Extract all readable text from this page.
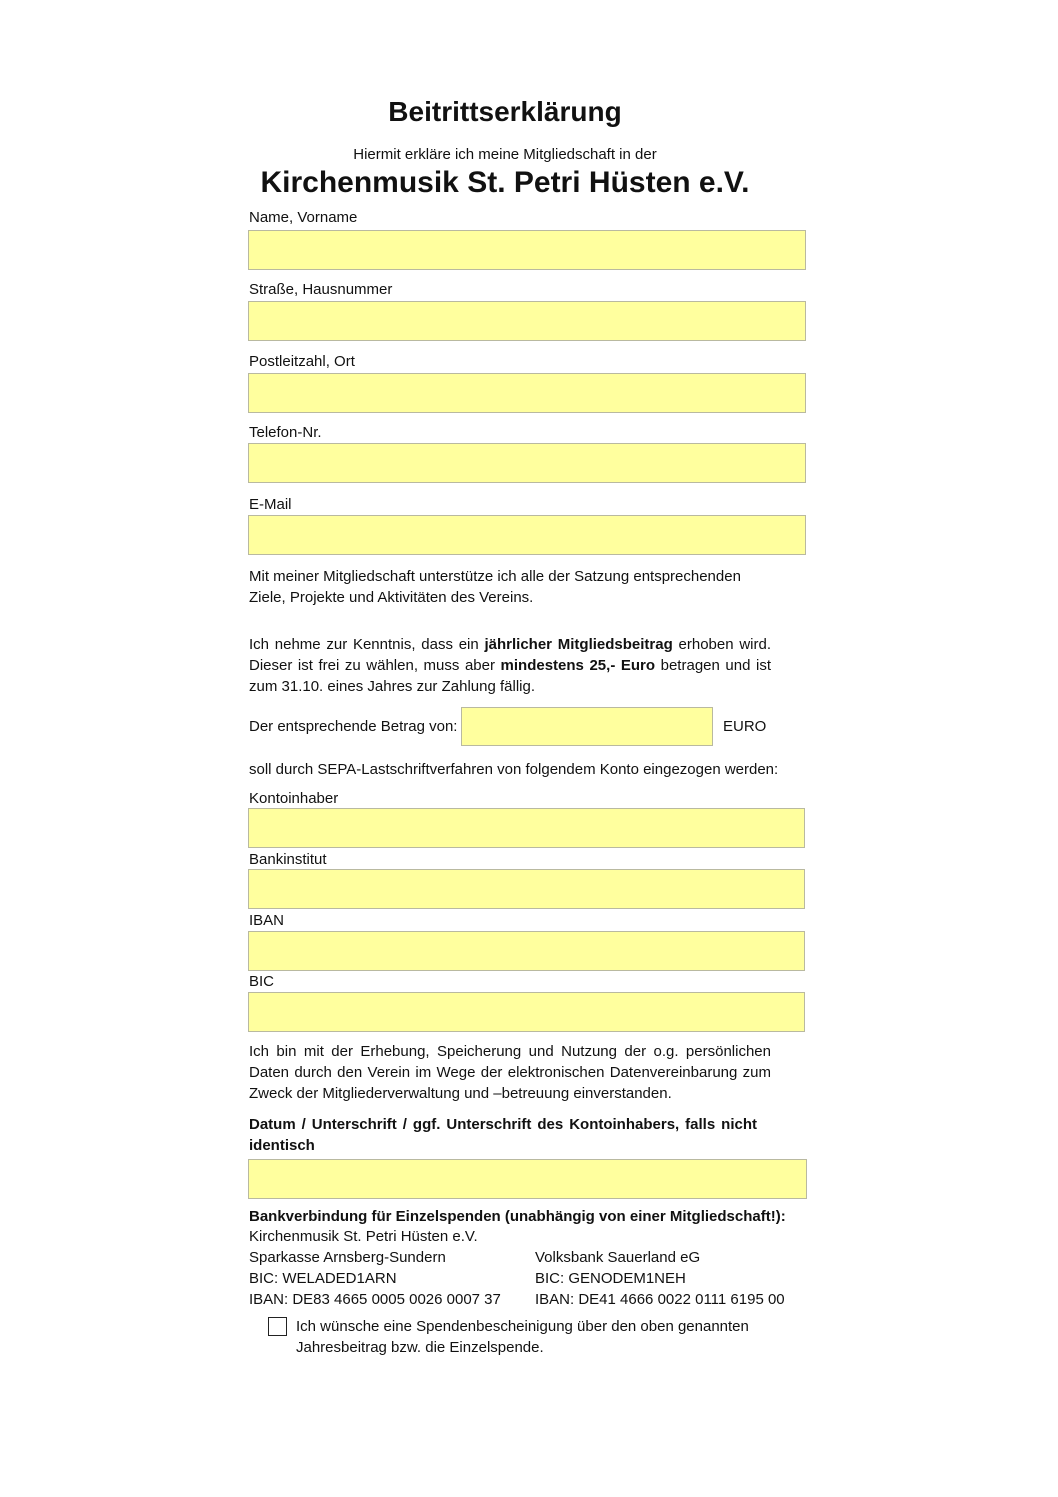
Beitrittserklärung
Hiermit erkläre ich meine Mitgliedschaft in der
Kirchenmusik St. Petri Hüsten e.V.
Name, Vorname
Straße, Hausnummer
Postleitzahl, Ort
Telefon-Nr.
E-Mail
Mit meiner Mitgliedschaft unterstütze ich alle der Satzung entsprechenden Ziele, Projekte und Aktivitäten des Vereins.
Ich nehme zur Kenntnis, dass ein jährlicher Mitgliedsbeitrag erhoben wird. Dieser ist frei zu wählen, muss aber mindestens 25,- Euro betragen und ist zum 31.10. eines Jahres zur Zahlung fällig.
Der entsprechende Betrag von:	EURO
soll durch SEPA-Lastschriftverfahren von folgendem Konto eingezogen werden:
Kontoinhaber
Bankinstitut
IBAN
BIC
Ich bin mit der Erhebung, Speicherung und Nutzung der o.g. persönlichen Daten durch den Verein im Wege der elektronischen Datenvereinbarung zum Zweck der Mitgliederverwaltung und –betreuung einverstanden.
Datum / Unterschrift / ggf. Unterschrift des Kontoinhabers, falls nicht identisch
Bankverbindung für Einzelspenden (unabhängig von einer Mitgliedschaft!):
Kirchenmusik St. Petri Hüsten e.V.
Sparkasse Arnsberg-Sundern
BIC: WELADED1ARN
IBAN: DE83 4665 0005 0026 0007 37
Volksbank Sauerland eG
BIC: GENODEM1NEH
IBAN: DE41 4666 0022 0111 6195 00
Ich wünsche eine Spendenbescheinigung über den oben genannten
Jahresbeitrag bzw. die Einzelspende.
